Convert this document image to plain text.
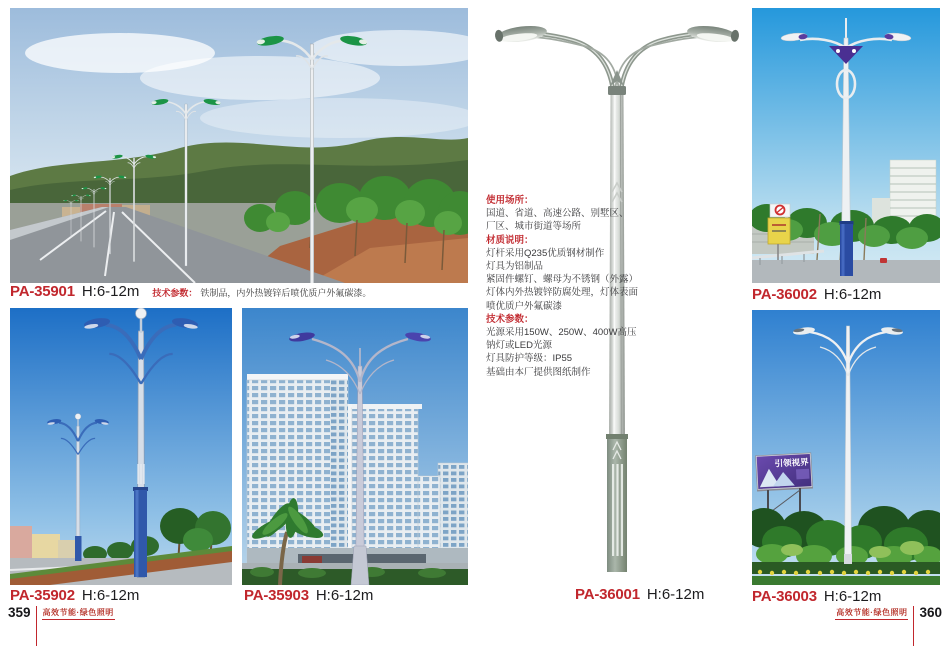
PA-35901 H:6-12m 技术参数： 铁制品，内外热镀锌后喷优质户外氟碳漆。
PA-35902 H:6-12m	PA-35903 H:6-12m
使用场所：
国道、省道、高速公路、别墅区、
厂区、城市街道等场所
材质说明：
灯杆采用Q235优质钢材制作
灯具为铝制品
紧固件螺钉、螺母为不锈钢（外露）
灯体内外热镀锌防腐处理，灯体表面
喷优质户外氟碳漆
技术参数：
光源采用150W、250W、400W高压
钠灯或LED光源
灯具防护等级：IP55
基础由本厂提供图纸制作
PA-36001 H:6-12m
PA-36002 H:6-12m
引领视界
PA-36003 H:6-12m
359 高效节能·绿色照明	高效节能·绿色照明 360
